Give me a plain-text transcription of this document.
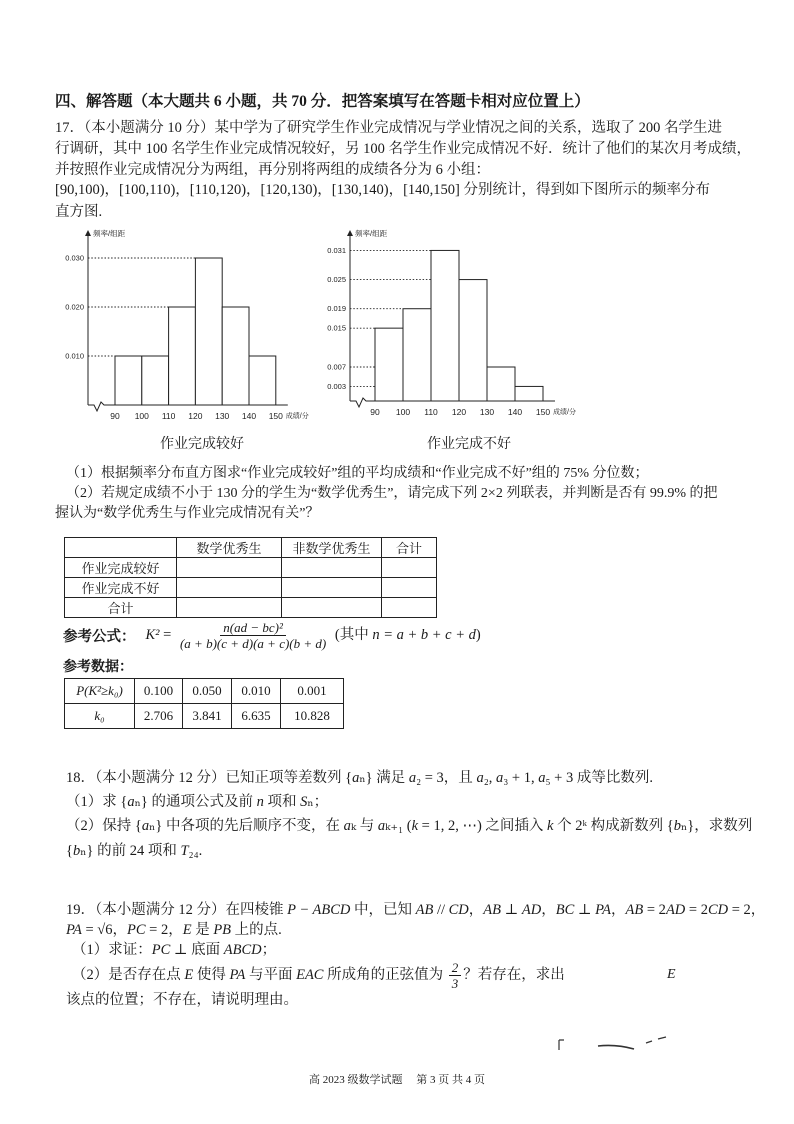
四、解答题（本大题共 6 小题，共 70 分．把答案填写在答题卡相对应位置上）
17．（本小题满分 10 分）某中学为了研究学生作业完成情况与学业情况之间的关系，选取了 200 名学生进
行调研，其中 100 名学生作业完成情况较好，另 100 名学生作业完成情况不好．统计了他们的某次月考成绩，
并按照作业完成情况分为两组，再分别将两组的成绩各分为 6 小组：
[90,100)，[100,110)，[110,120)，[120,130)，[130,140)，[140,150] 分别统计，得到如下图所示的频率分布
直方图.
频率/组距
0.030
0.020
0.010
90 100 110 120 130 140 150 成绩/分
频率/组距
0.031
0.025
0.019
0.015
0.007
0.003
90 100 110 120 130 140 150 成绩/分
作业完成较好	作业完成不好
（1）根据频率分布直方图求“作业完成较好”组的平均成绩和“作业完成不好”组的 75% 分位数；
（2）若规定成绩不小于 130 分的学生为“数学优秀生”，请完成下列 2×2 列联表，并判断是否有 99.9% 的把
握认为“数学优秀生与作业完成情况有关”？
	数学优秀生	非数学优秀生	合计
作业完成较好			
作业完成不好			
合计			
参考公式： $K^2 = \frac{\text{n(ad − bc)²}}{(a + b)(c + d)(a + c)(b + d)}$ (其中 n = a + b + c + d)
参考数据：
P(K²≥k₀)	0.100	0.050	0.010	0.001
k₀	2.706	3.841	6.635	10.828
18．（本小题满分 12 分）已知正项等差数列 {aₙ} 满足 a₂ = 3，且 a₂, a₃ + 1, a₅ + 3 成等比数列.
（1）求 {aₙ} 的通项公式及前 n 项和 Sₙ；
（2）保持 {aₙ} 中各项的先后顺序不变，在 aₖ 与 aₖ₊₁ (k = 1, 2, ⋯) 之间插入 k 个 2ᵏ 构成新数列 {bₙ}，求数列
{bₙ} 的前 24 项和 T₂₄.
19．（本小题满分 12 分）在四棱锥 P − ABCD 中，已知 AB // CD，AB ⊥ AD，BC ⊥ PA，AB = 2AD = 2CD = 2，
PA = √6，PC = 2，E 是 PB 上的点.
（1）求证：PC ⊥ 底面 ABCD；
（2）是否存在点 E 使得 PA 与平面 EAC 所成角的正弦值为 $\frac{2}{3}$ ？若存在，求出
该点的位置；不存在，请说明理由。
E
高 2023 级数学试题　 第 3 页 共 4 页
